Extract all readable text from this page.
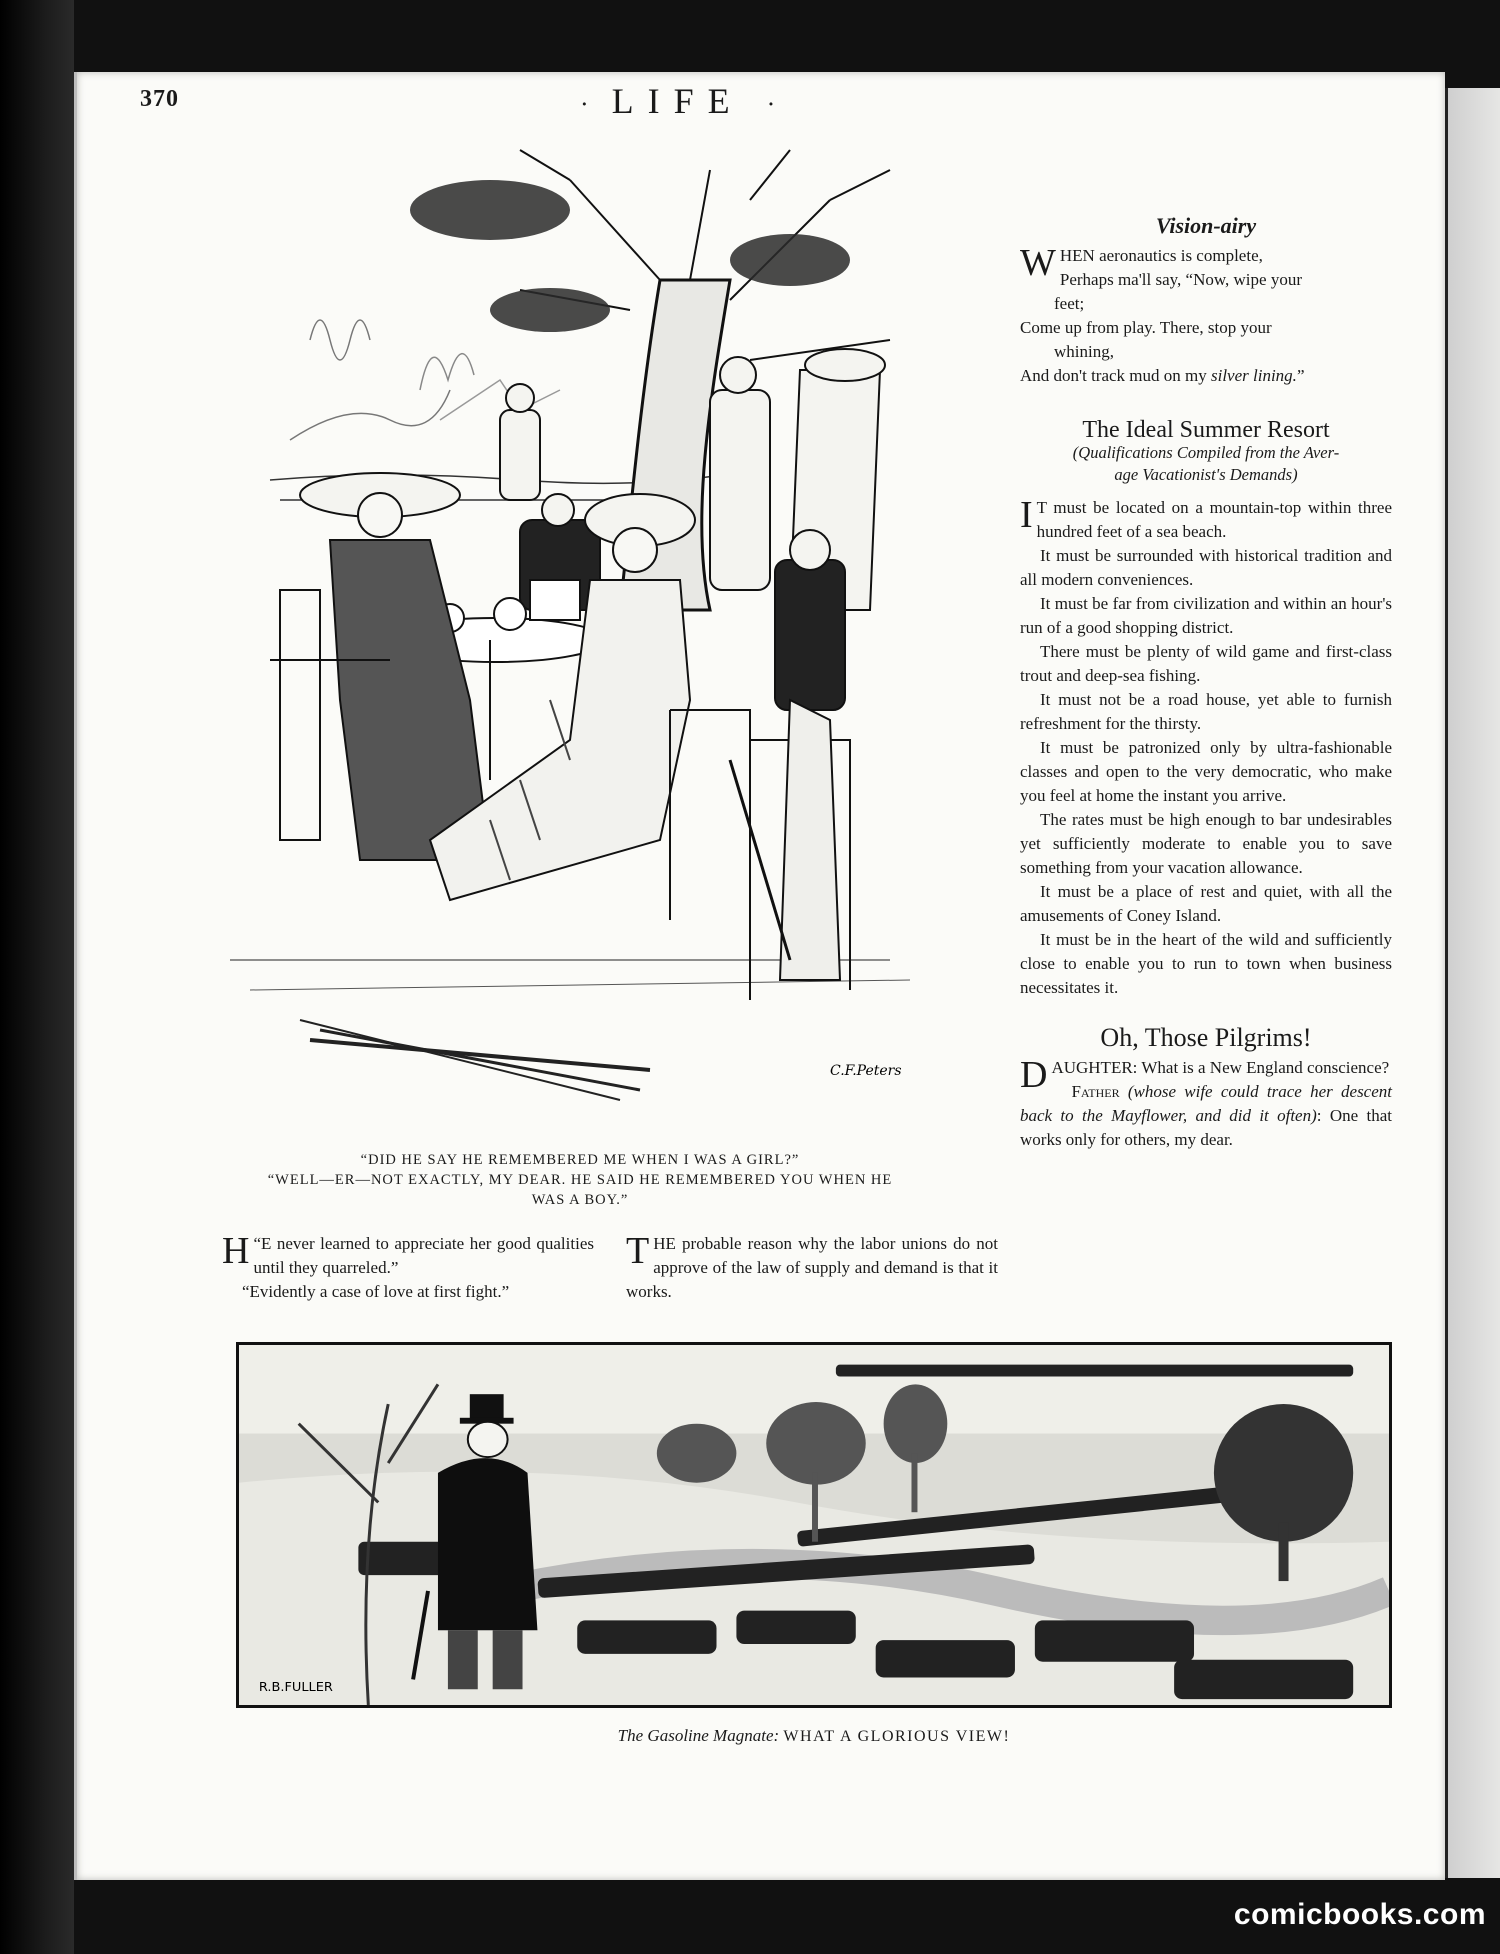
370	· LIFE ·
C.F.Peters
“DID HE SAY HE REMEMBERED ME WHEN I WAS A GIRL?”
“WELL—ER—NOT EXACTLY, MY DEAR. HE SAID HE REMEMBERED YOU WHEN HE
WAS A BOY.”
Vision-airy
W HEN aeronautics is complete,
Perhaps ma'll say, “Now, wipe your
feet;
Come up from play. There, stop your
whining,
And don't track mud on my silver lining.”
The Ideal Summer Resort
(Qualifications Compiled from the Aver-
age Vacationist's Demands)

I T must be located on a mountain-top within three hundred feet of a sea beach.

It must be surrounded with historical tradition and all modern conveniences.

It must be far from civilization and within an hour's run of a good shopping district.

There must be plenty of wild game and first-class trout and deep-sea fishing.

It must not be a road house, yet able to furnish refreshment for the thirsty.

It must be patronized only by ultra-fashionable classes and open to the very democratic, who make you feel at home the instant you arrive.

The rates must be high enough to bar undesirables yet sufficiently moderate to enable you to save something from your vacation allowance.

It must be a place of rest and quiet, with all the amusements of Coney Island.

It must be in the heart of the wild and sufficiently close to enable you to run to town when business necessitates it.

Oh, Those Pilgrims!

DAUGHTER: What is a New England conscience?

Father (whose wife could trace her descent back to the Mayflower, and did it often): One that works only for others, my dear.

“
H E never learned to appreciate her good qualities until they quarreled.”
“Evidently a case of love at first fight.”
THE probable reason why the labor unions do not approve of the law of supply and demand is that it works.
R.B.FULLER
The Gasoline Magnate: WHAT A GLORIOUS VIEW!
comicbooks.com
